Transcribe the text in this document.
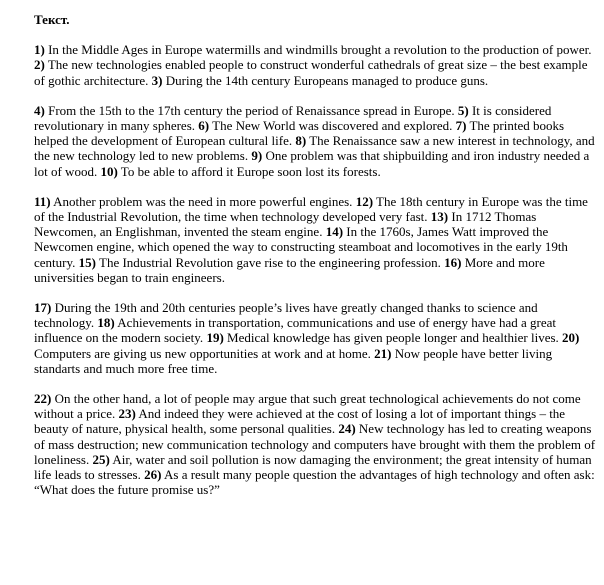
Текст.

1) In the Middle Ages in Europe watermills and windmills brought a revolution to the production of power. 2) The new technologies enabled people to construct wonderful cathedrals of great size – the best example of gothic architecture. 3) During the 14th century Europeans managed to produce guns.

4) From the 15th to the 17th century the period of Renaissance spread in Europe. 5) It is considered revolutionary in many spheres. 6) The New World was discovered and explored. 7) The printed books helped the development of European cultural life. 8) The Renaissance saw a new interest in technology, and the new technology led to new problems. 9) One problem was that shipbuilding and iron industry needed a lot of wood. 10) To be able to afford it Europe soon lost its forests.

11) Another problem was the need in more powerful engines. 12) The 18th century in Europe was the time of the Industrial Revolution, the time when technology developed very fast. 13) In 1712 Thomas Newcomen, an Englishman, invented the steam engine. 14) In the 1760s, James Watt improved the Newcomen engine, which opened the way to constructing steamboat and locomotives in the early 19th century. 15) The Industrial Revolution gave rise to the engineering profession. 16) More and more universities began to train engineers.

17) During the 19th and 20th centuries people’s lives have greatly changed thanks to science and technology. 18) Achievements in transportation, communications and use of energy have had a great influence on the modern society. 19) Medical knowledge has given people longer and healthier lives. 20) Computers are giving us new opportunities at work and at home. 21) Now people have better living standarts and much more free time.

22) On the other hand, a lot of people may argue that such great technological achievements do not come without a price. 23) And indeed they were achieved at the cost of losing a lot of important things – the beauty of nature, physical health, some personal qualities. 24) New technology has led to creating weapons of mass destruction; new communication technology and computers have brought with them the problem of loneliness. 25) Air, water and soil pollution is now damaging the environment; the great intensity of human life leads to stresses. 26) As a result many people question the advantages of high technology and often ask: “What does the future promise us?”
